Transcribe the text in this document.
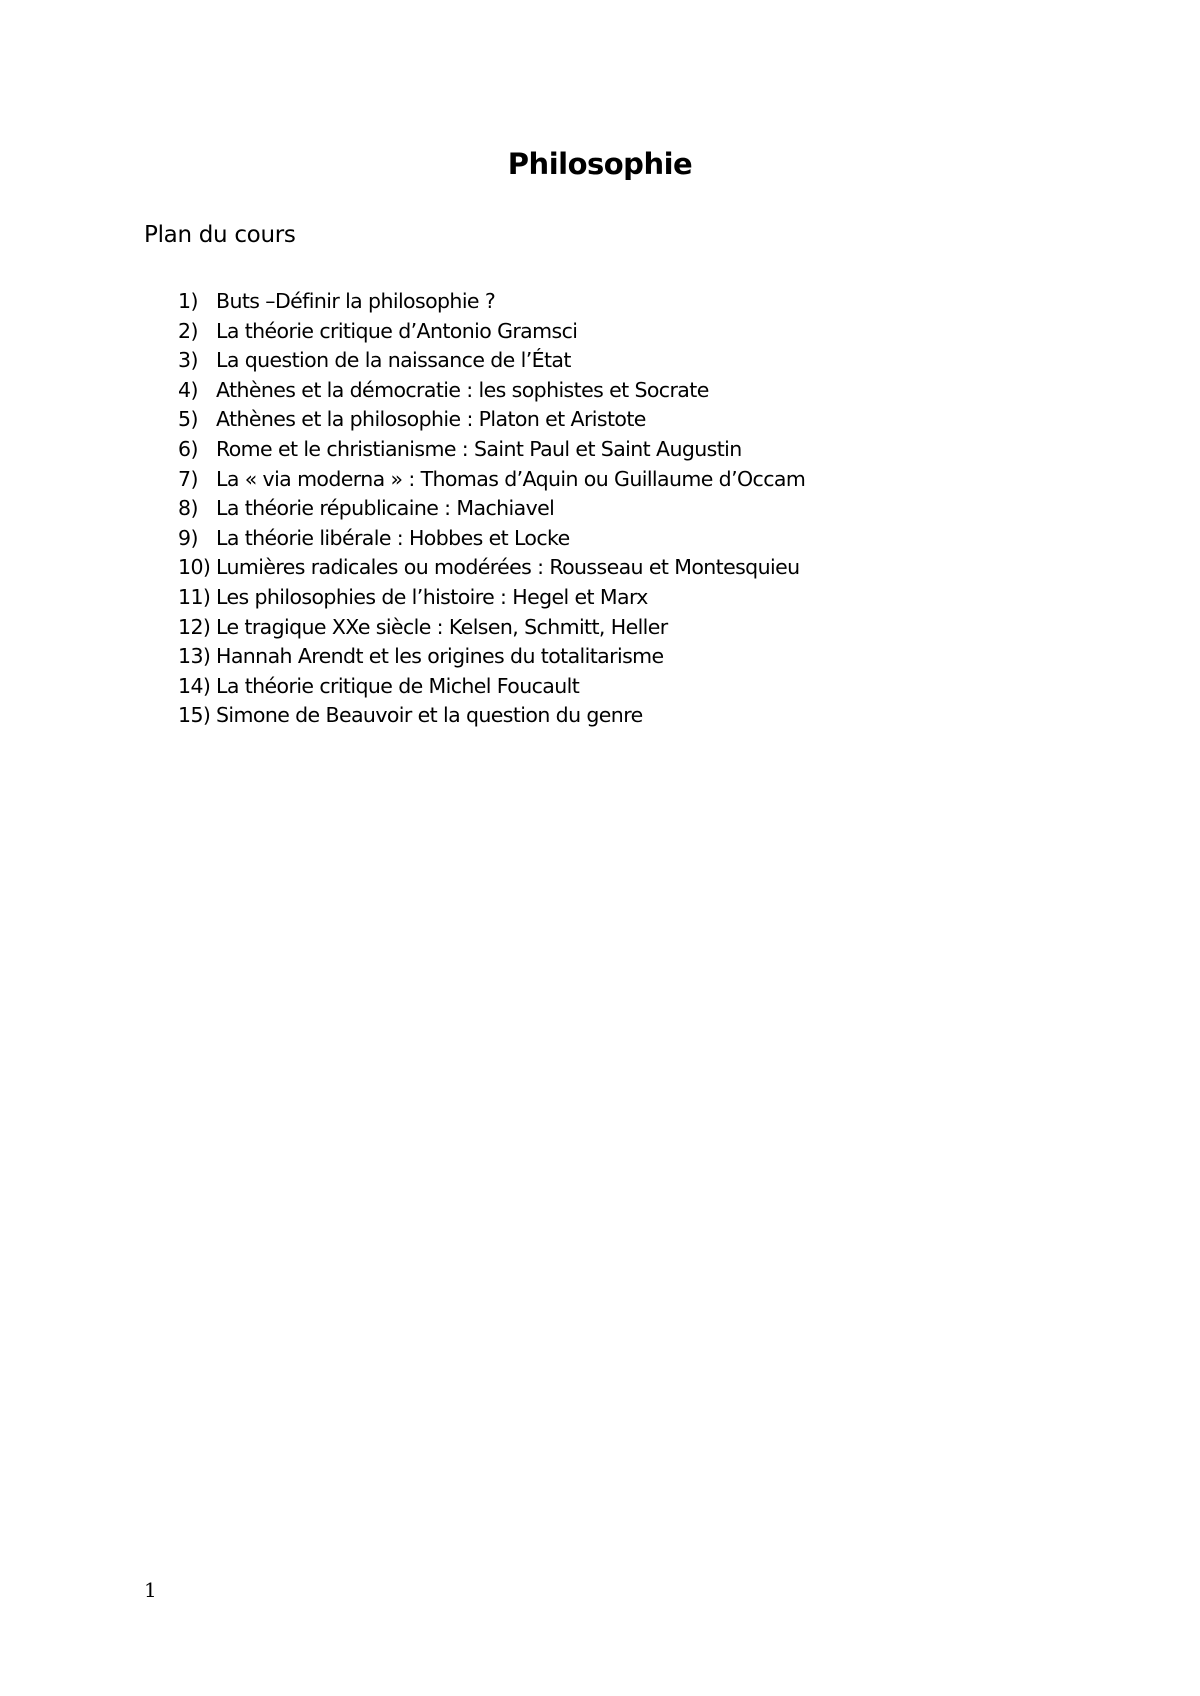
Philosophie
Plan du cours
1) Buts –Définir la philosophie ?
2) La théorie critique d’Antonio Gramsci
3) La question de la naissance de l’État
4) Athènes et la démocratie : les sophistes et Socrate
5) Athènes et la philosophie : Platon et Aristote
6) Rome et le christianisme : Saint Paul et Saint Augustin
7) La « via moderna » : Thomas d’Aquin ou Guillaume d’Occam
8) La théorie républicaine : Machiavel
9) La théorie libérale : Hobbes et Locke
10) Lumières radicales ou modérées : Rousseau et Montesquieu
11) Les philosophies de l’histoire : Hegel et Marx
12) Le tragique XXe siècle : Kelsen, Schmitt, Heller
13) Hannah Arendt et les origines du totalitarisme
14) La théorie critique de Michel Foucault
15) Simone de Beauvoir et la question du genre
1
